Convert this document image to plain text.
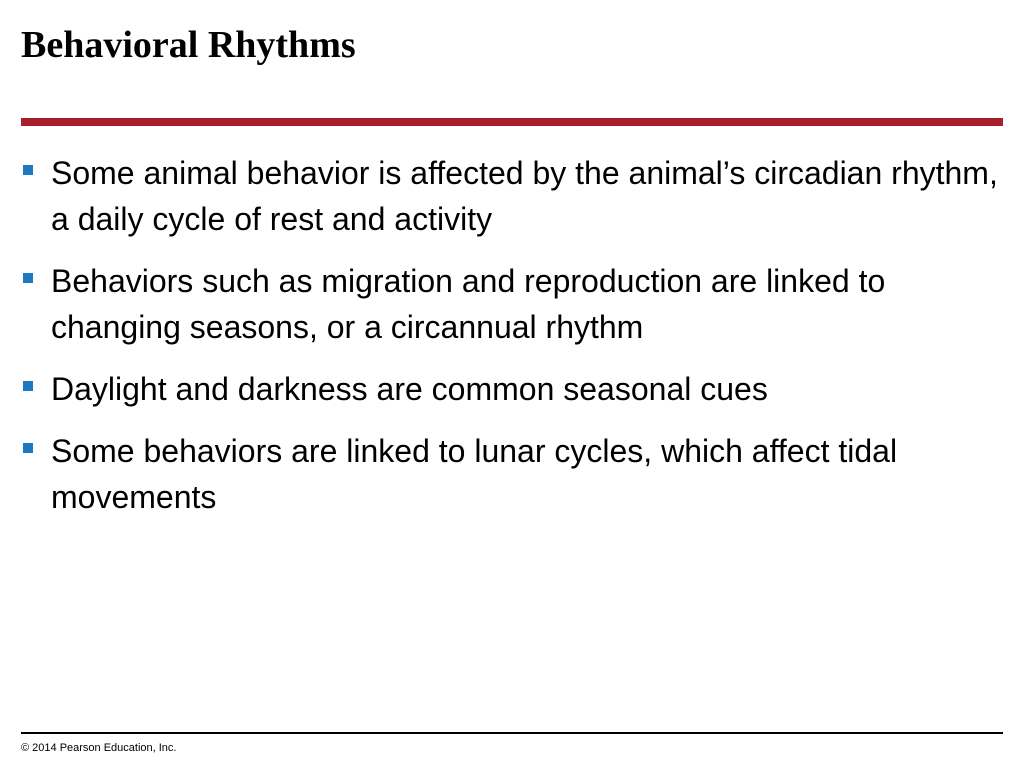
Behavioral Rhythms
Some animal behavior is affected by the animal’s circadian rhythm, a daily cycle of rest and activity
Behaviors such as migration and reproduction are linked to changing seasons, or a circannual rhythm
Daylight and darkness are common seasonal cues
Some behaviors are linked to lunar cycles, which affect tidal movements
© 2014 Pearson Education, Inc.
